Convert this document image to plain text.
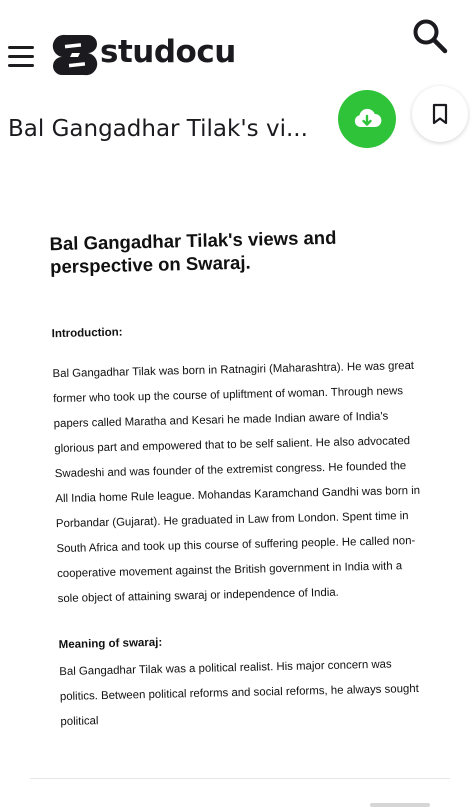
studocu
Bal Gangadhar Tilak's vi...
Bal Gangadhar Tilak's views and perspective on Swaraj.
Introduction:
Bal Gangadhar Tilak was born in Ratnagiri (Maharashtra). He was great former who took up the course of upliftment of woman. Through news papers called Maratha and Kesari he made Indian aware of India's glorious part and empowered that to be self salient. He also advocated Swadeshi and was founder of the extremist congress. He founded the All India home Rule league. Mohandas Karamchand Gandhi was born in Porbandar (Gujarat). He graduated in Law from London. Spent time in South Africa and took up this course of suffering people. He called non-cooperative movement against the British government in India with a sole object of attaining swaraj or independence of India.
Meaning of swaraj:
Bal Gangadhar Tilak was a political realist. His major concern was politics. Between political reforms and social reforms, he always sought political
